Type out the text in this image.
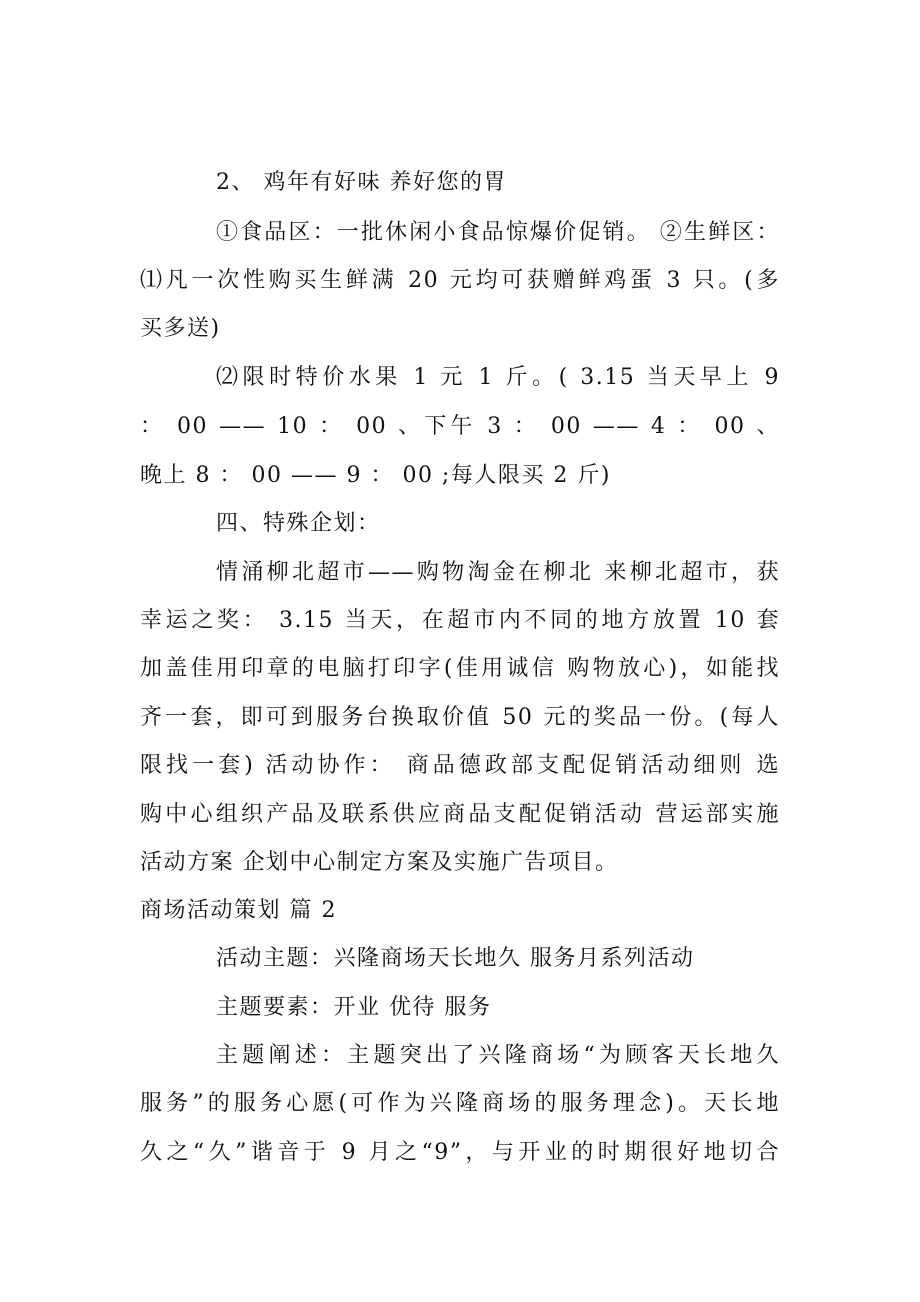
2、 鸡年有好味 养好您的胃
①食品区：一批休闲小食品惊爆价促销。 ②生鲜区：
⑴凡一次性购买生鲜满 20 元均可获赠鲜鸡蛋 3 只。(多
买多送)
⑵限时特价水果 1 元 1 斤。( 3.15 当天早上 9
： 00 —— 10 ： 00 、下午 3 ： 00 —— 4 ： 00 、
晚上 8 ： 00 —— 9 ： 00 ;每人限买 2 斤)
四、特殊企划：
情涌柳北超市——购物淘金在柳北 来柳北超市，获
幸运之奖： 3.15 当天，在超市内不同的地方放置 10 套
加盖佳用印章的电脑打印字(佳用诚信 购物放心)，如能找
齐一套，即可到服务台换取价值 50 元的奖品一份。(每人
限找一套) 活动协作： 商品德政部支配促销活动细则 选
购中心组织产品及联系供应商品支配促销活动 营运部实施
活动方案 企划中心制定方案及实施广告项目。
商场活动策划 篇 2
活动主题：兴隆商场天长地久 服务月系列活动
主题要素：开业 优待 服务
主题阐述：主题突出了兴隆商场“为顾客天长地久
服务”的服务心愿(可作为兴隆商场的服务理念)。天长地
久之“久”谐音于 9 月之“9”，与开业的时期很好地切合
